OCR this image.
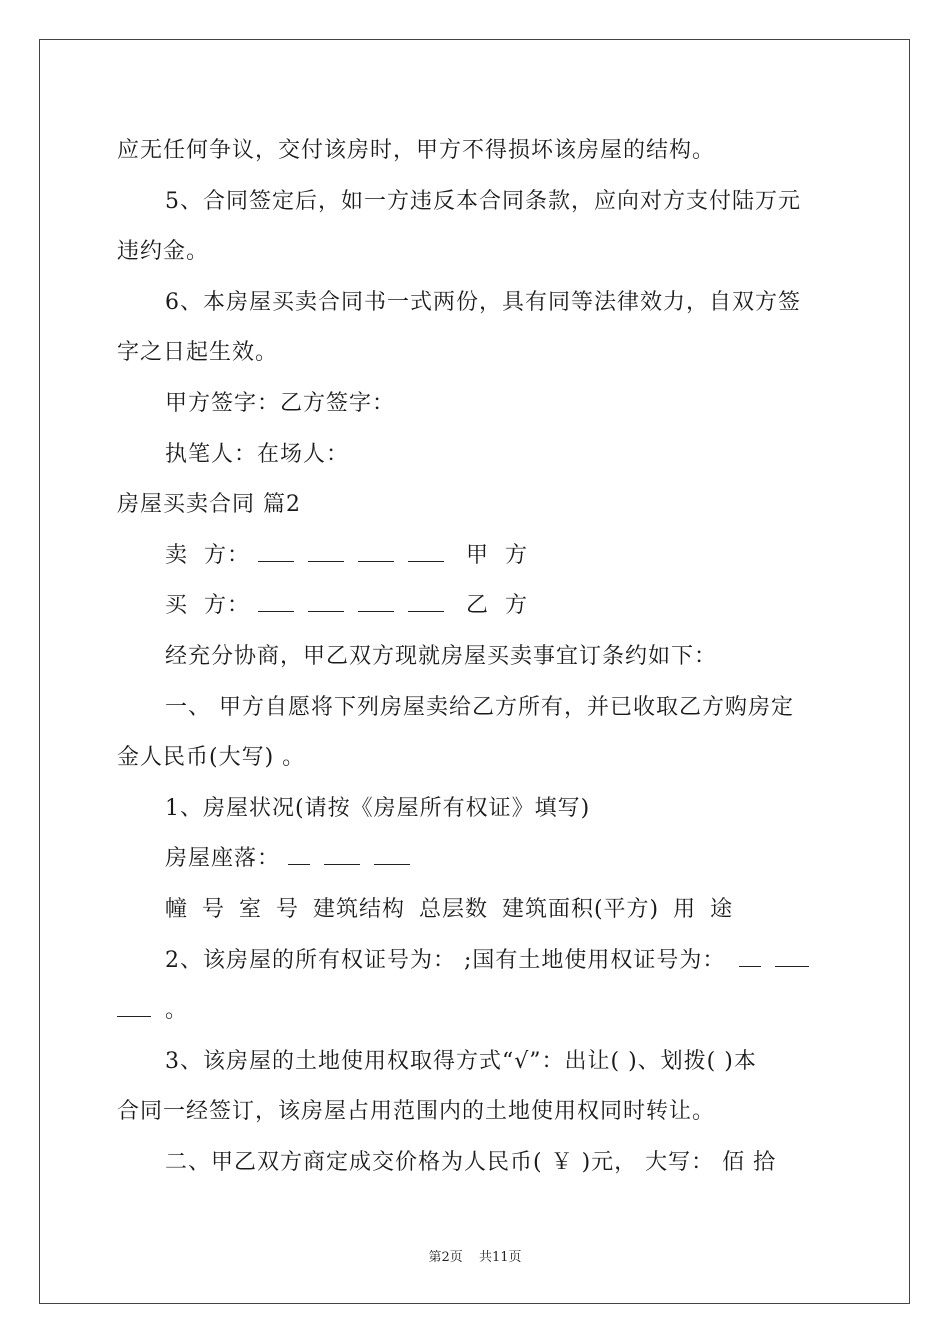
应无任何争议，交付该房时，甲方不得损坏该房屋的结构。
5、合同签定后，如一方违反本合同条款，应向对方支付陆万元
违约金。
6、本房屋买卖合同书一式两份，具有同等法律效力，自双方签
字之日起生效。
甲方签字：乙方签字：
执笔人：在场人：
房屋买卖合同 篇2
卖  方：	甲  方
买  方：	乙  方
经充分协商，甲乙双方现就房屋买卖事宜订条约如下：
一、 甲方自愿将下列房屋卖给乙方所有，并已收取乙方购房定
金人民币(大写) 。
1、房屋状况(请按《房屋所有权证》填写)
房屋座落：
幢 号 室 号 建筑结构 总层数 建筑面积(平方) 用 途
2、该房屋的所有权证号为： ;国有土地使用权证号为：
。
3、该房屋的土地使用权取得方式“√”：出让( )、划拨( )本
合同一经签订，该房屋占用范围内的土地使用权同时转让。
二、甲乙双方商定成交价格为人民币( ￥ )元， 大写： 佰 拾
第2页 共11页
